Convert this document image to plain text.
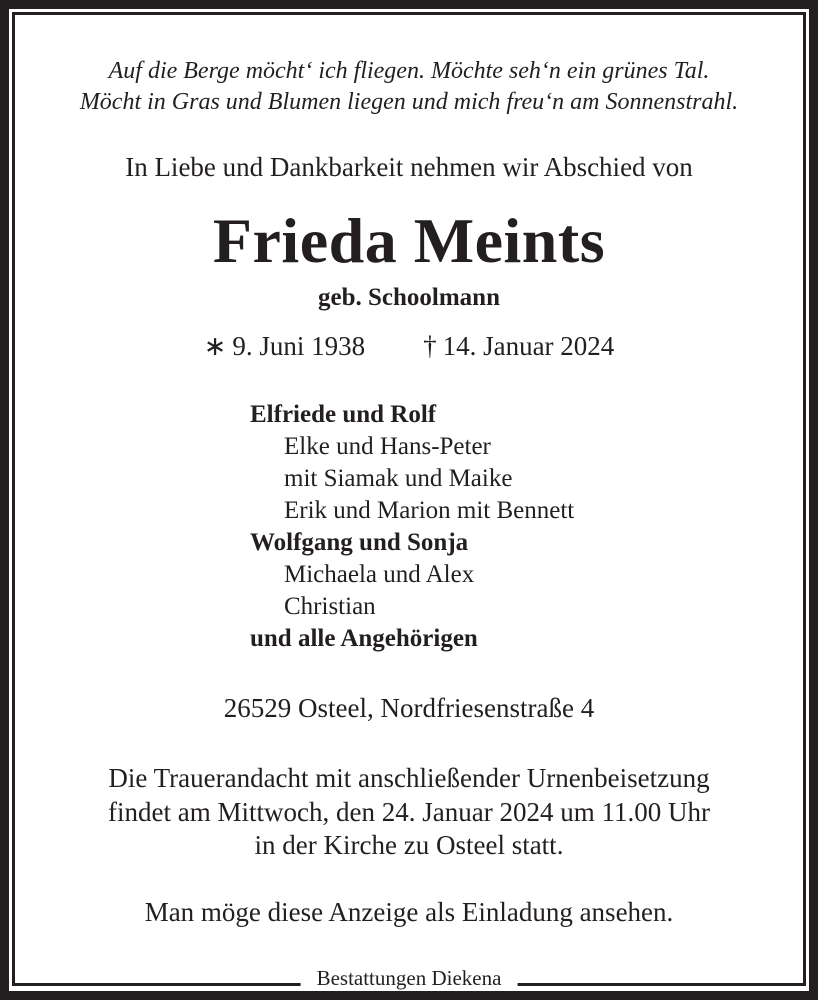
Bestattungen Diekena
Auf die Berge möcht‘ ich fliegen. Möchte seh‘n ein grünes Tal.
Möcht in Gras und Blumen liegen und mich freu‘n am Sonnenstrahl.
In Liebe und Dankbarkeit nehmen wir Abschied von
Frieda Meints
geb. Schoolmann
∗ 9. Juni 1938 † 14. Januar 2024
Elfriede und Rolf
Elke und Hans-Peter
mit Siamak und Maike
Erik und Marion mit Bennett
Wolfgang und Sonja
Michaela und Alex
Christian
und alle Angehörigen
26529 Osteel, Nordfriesenstraße 4
Die Trauerandacht mit anschließender Urnenbeisetzung
findet am Mittwoch, den 24. Januar 2024 um 11.00 Uhr
in der Kirche zu Osteel statt.
Man möge diese Anzeige als Einladung ansehen.
